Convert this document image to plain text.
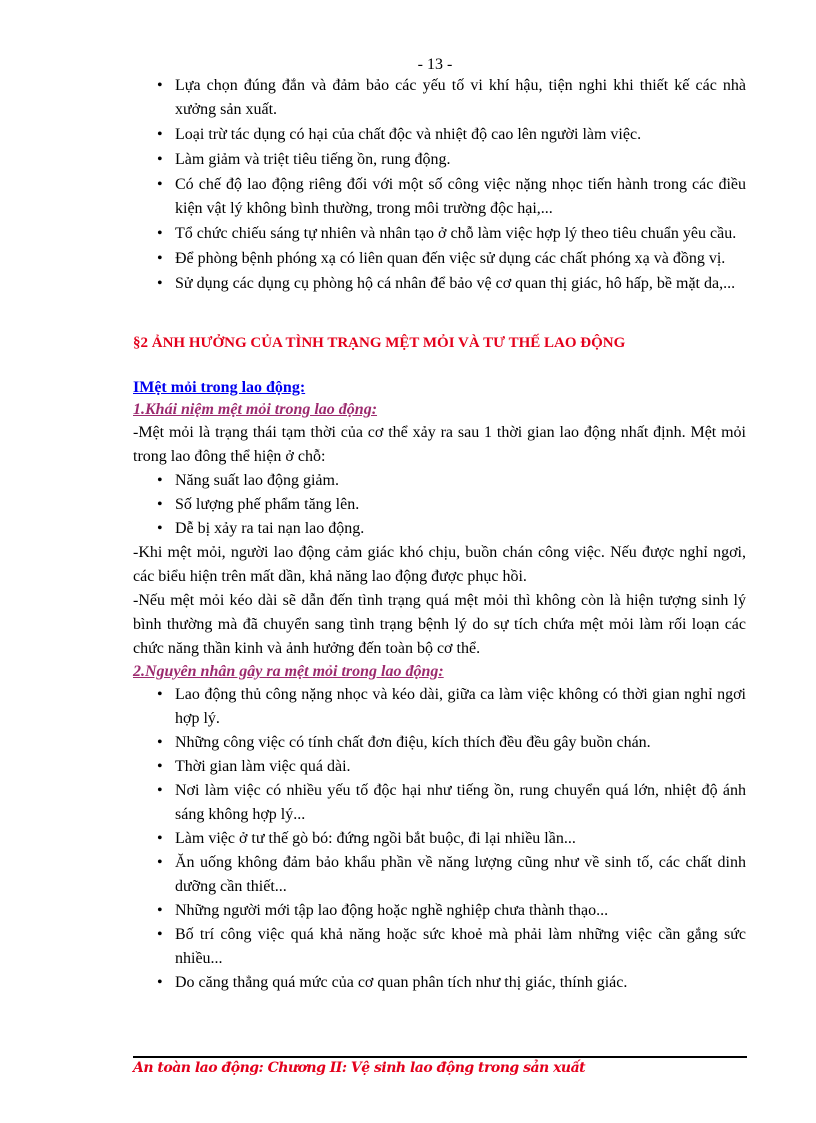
- 13 -
• Lựa chọn đúng đắn và đảm bảo các yếu tố vi khí hậu, tiện nghi khi thiết kế các nhà xưởng sản xuất.
• Loại trừ tác dụng có hại của chất độc và nhiệt độ cao lên người làm việc.
• Làm giảm và triệt tiêu tiếng ồn, rung động.
• Có chế độ lao động riêng đối với một số công việc nặng nhọc tiến hành trong các điều kiện vật lý không bình thường, trong môi trường độc hại,...
• Tổ chức chiếu sáng tự nhiên và nhân tạo ở chỗ làm việc hợp lý theo tiêu chuẩn yêu cầu.
• Để phòng bệnh phóng xạ có liên quan đến việc sử dụng các chất phóng xạ và đồng vị.
• Sử dụng các dụng cụ phòng hộ cá nhân để bảo vệ cơ quan thị giác, hô hấp, bề mặt da,...
§2 ẢNH HƯỞNG CỦA TÌNH TRẠNG MỆT MỎI VÀ TƯ THẾ LAO ĐỘNG
IMệt mỏi trong lao động:
1.Khái niệm mệt mỏi trong lao động:

-Mệt mỏi là trạng thái tạm thời của cơ thể xảy ra sau 1 thời gian lao động nhất định. Mệt mỏi trong lao đông thể hiện ở chỗ:

• Năng suất lao động giảm.
• Số lượng phế phẩm tăng lên.
• Dễ bị xảy ra tai nạn lao động.

-Khi mệt mỏi, người lao động cảm giác khó chịu, buồn chán công việc. Nếu được nghỉ ngơi, các biểu hiện trên mất dần, khả năng lao động được phục hồi.

-Nếu mệt mỏi kéo dài sẽ dẫn đến tình trạng quá mệt mỏi thì không còn là hiện tượng sinh lý bình thường mà đã chuyển sang tình trạng bệnh lý do sự tích chứa mệt mỏi làm rối loạn các chức năng thần kinh và ảnh hưởng đến toàn bộ cơ thể.

2.Nguyên nhân gây ra mệt mỏi trong lao động:
• Lao động thủ công nặng nhọc và kéo dài, giữa ca làm việc không có thời gian nghỉ ngơi hợp lý.
• Những công việc có tính chất đơn điệu, kích thích đều đều gây buồn chán.
• Thời gian làm việc quá dài.
• Nơi làm việc có nhiều yếu tố độc hại như tiếng ồn, rung chuyển quá lớn, nhiệt độ ánh sáng không hợp lý...
• Làm việc ở tư thế gò bó: đứng ngồi bắt buộc, đi lại nhiều lần...
• Ăn uống không đảm bảo khẩu phần về năng lượng cũng như về sinh tố, các chất dinh dưỡng cần thiết...
• Những người mới tập lao động hoặc nghề nghiệp chưa thành thạo...
• Bố trí công việc quá khả năng hoặc sức khoẻ mà phải làm những việc cần gắng sức nhiều...
• Do căng thẳng quá mức của cơ quan phân tích như thị giác, thính giác.
An toàn lao động: Chương II: Vệ sinh lao động trong sản xuất
